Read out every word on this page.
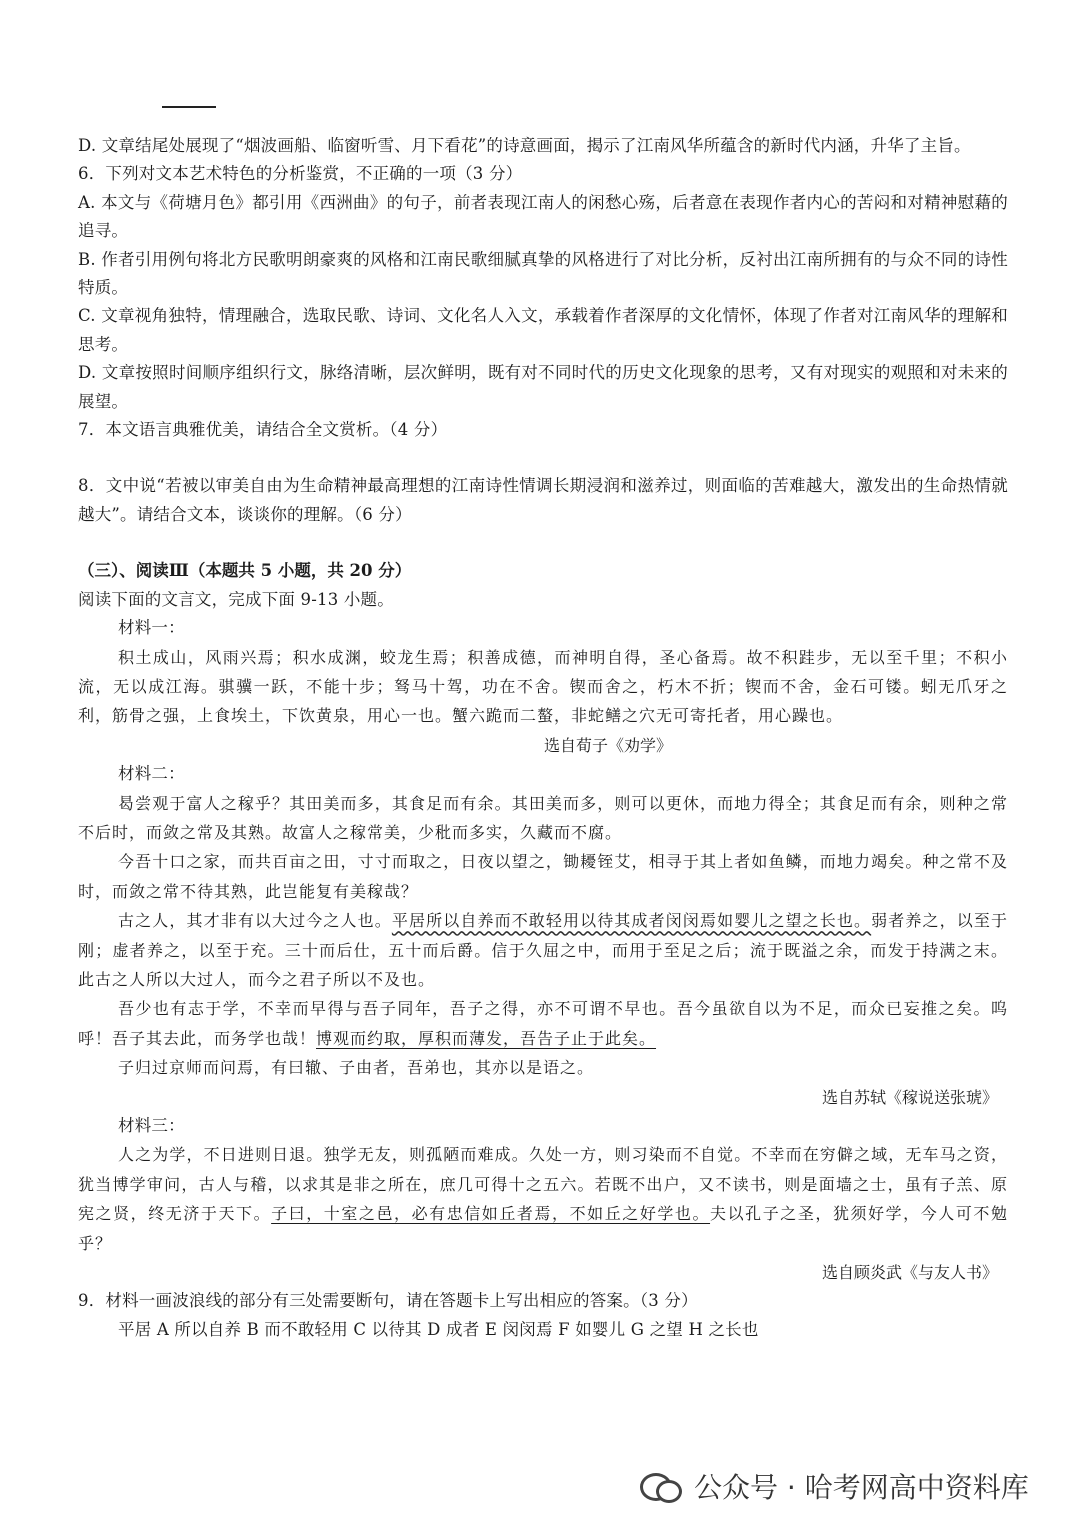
D. 文章结尾处展现了“烟波画船、临窗听雪、月下看花”的诗意画面，揭示了江南风华所蕴含的新时代内涵，升华了主旨。

6．下列对文本艺术特色的分析鉴赏，不正确的一项（3 分）

A. 本文与《荷塘月色》都引用《西洲曲》的句子，前者表现江南人的闲愁心殇，后者意在表现作者内心的苦闷和对精神慰藉的追寻。

B. 作者引用例句将北方民歌明朗豪爽的风格和江南民歌细腻真挚的风格进行了对比分析，反衬出江南所拥有的与众不同的诗性特质。

C. 文章视角独特，情理融合，选取民歌、诗词、文化名人入文，承载着作者深厚的文化情怀，体现了作者对江南风华的理解和思考。

D. 文章按照时间顺序组织行文，脉络清晰，层次鲜明，既有对不同时代的历史文化现象的思考，又有对现实的观照和对未来的展望。

7．本文语言典雅优美，请结合全文赏析。（4 分）

8．文中说“若被以审美自由为生命精神最高理想的江南诗性情调长期浸润和滋养过，则面临的苦难越大，激发出的生命热情就越大”。请结合文本，谈谈你的理解。（6 分）

（三）、阅读Ⅲ（本题共 5 小题，共 20 分）

阅读下面的文言文，完成下面 9-13 小题。

材料一：

积土成山，风雨兴焉；积水成渊，蛟龙生焉；积善成德，而神明自得，圣心备焉。故不积跬步，无以至千里；不积小流，无以成江海。骐骥一跃，不能十步；驽马十驾，功在不舍。锲而舍之，朽木不折；锲而不舍，金石可镂。蚓无爪牙之利，筋骨之强，上食埃土，下饮黄泉，用心一也。蟹六跪而二螯，非蛇鳝之穴无可寄托者，用心躁也。

选自荀子《劝学》

材料二：

曷尝观于富人之稼乎？其田美而多，其食足而有余。其田美而多，则可以更休，而地力得全；其食足而有余，则种之常不后时，而敛之常及其熟。故富人之稼常美，少秕而多实，久藏而不腐。

今吾十口之家，而共百亩之田，寸寸而取之，日夜以望之，锄耰铚艾，相寻于其上者如鱼鳞，而地力竭矣。种之常不及时，而敛之常不待其熟，此岂能复有美稼哉？

古之人，其才非有以大过今之人也。平居所以自养而不敢轻用以待其成者闵闵焉如婴儿之望之长也。弱者养之，以至于刚；虚者养之，以至于充。三十而后仕，五十而后爵。信于久屈之中，而用于至足之后；流于既溢之余，而发于持满之末。此古之人所以大过人，而今之君子所以不及也。

吾少也有志于学，不幸而早得与吾子同年，吾子之得，亦不可谓不早也。吾今虽欲自以为不足，而众已妄推之矣。呜呼！吾子其去此，而务学也哉！博观而约取，厚积而薄发，吾告子止于此矣。

子归过京师而问焉，有曰辙、子由者，吾弟也，其亦以是语之。

选自苏轼《稼说送张琥》

材料三：

人之为学，不日进则日退。独学无友，则孤陋而难成。久处一方，则习染而不自觉。不幸而在穷僻之域，无车马之资，犹当博学审问，古人与稽，以求其是非之所在，庶几可得十之五六。若既不出户，又不读书，则是面墙之士，虽有子羔、原宪之贤，终无济于天下。子曰，十室之邑，必有忠信如丘者焉，不如丘之好学也。夫以孔子之圣，犹须好学，今人可不勉乎？

选自顾炎武《与友人书》

9．材料一画波浪线的部分有三处需要断句，请在答题卡上写出相应的答案。（3 分）

平居 A 所以自养 B 而不敢轻用 C 以待其 D 成者 E 闵闵焉 F 如婴儿 G 之望 H 之长也

公众号 · 哈考网高中资料库
